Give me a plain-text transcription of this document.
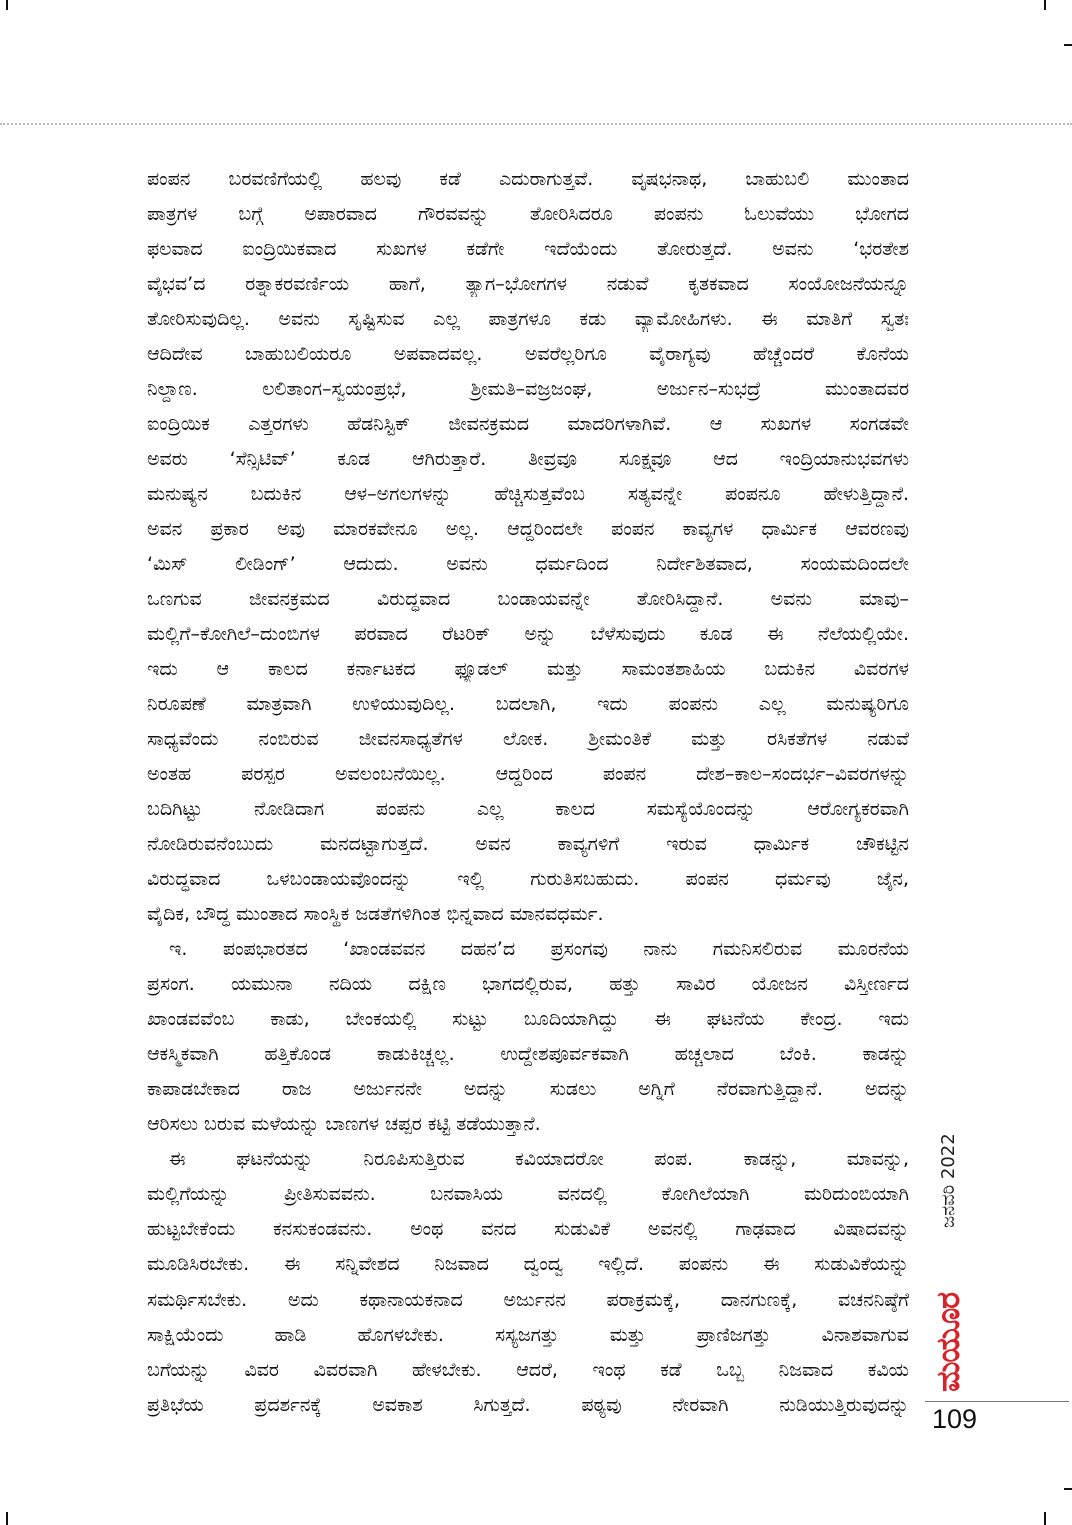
ಪಂಪನ ಬರವಣಿಗೆಯಲ್ಲಿ ಹಲವು ಕಡೆ ಎದುರಾಗುತ್ತವೆ. ವೃಷಭನಾಥ, ಬಾಹುಬಲಿ ಮುಂತಾದ
ಪಾತ್ರಗಳ ಬಗ್ಗೆ ಅಪಾರವಾದ ಗೌರವವನ್ನು ತೋರಿಸಿದರೂ ಪಂಪನು ಓಲುವೆಯು ಭೋಗದ
ಫಲವಾದ ಐಂದ್ರಿಯಿಕವಾದ ಸುಖಗಳ ಕಡೆಗೇ ಇದೆಯೆಂದು ತೋರುತ್ತದೆ. ಅವನು ‘ಭರತೇಶ
ವೈಭವ’ದ ರತ್ನಾಕರವರ್ಣಿಯ ಹಾಗೆ, ತ್ಯಾಗ–ಭೋಗಗಳ ನಡುವೆ ಕೃತಕವಾದ ಸಂಯೋಜನೆಯನ್ನೂ
ತೋರಿಸುವುದಿಲ್ಲ. ಅವನು ಸೃಷ್ಟಿಸುವ ಎಲ್ಲ ಪಾತ್ರಗಳೂ ಕಡು ವ್ಯಾಮೋಹಿಗಳು. ಈ ಮಾತಿಗೆ ಸ್ವತಃ
ಆದಿದೇವ ಬಾಹುಬಲಿಯರೂ ಅಪವಾದವಲ್ಲ. ಅವರೆಲ್ಲರಿಗೂ ವೈರಾಗ್ಯವು ಹೆಚ್ಚೆಂದರೆ ಕೊನೆಯ
ನಿಲ್ದಾಣ. ಲಲಿತಾಂಗ–ಸ್ವಯಂಪ್ರಭೆ, ಶ್ರೀಮತಿ–ವಜ್ರಜಂಘ, ಅರ್ಜುನ–ಸುಭದ್ರೆ ಮುಂತಾದವರ
ಐಂದ್ರಿಯಿಕ ಎತ್ತರಗಳು ಹೆಡನಿಸ್ಟಿಕ್ ಜೀವನಕ್ರಮದ ಮಾದರಿಗಳಾಗಿವೆ. ಆ ಸುಖಗಳ ಸಂಗಡವೇ
ಅವರು ‘ಸೆನ್ಸಿಟಿವ್’ ಕೂಡ ಆಗಿರುತ್ತಾರೆ. ತೀವ್ರವೂ ಸೂಕ್ಷ್ಮವೂ ಆದ ಇಂದ್ರಿಯಾನುಭವಗಳು
ಮನುಷ್ಯನ ಬದುಕಿನ ಆಳ–ಅಗಲಗಳನ್ನು ಹೆಚ್ಚಿಸುತ್ತವೆಂಬ ಸತ್ಯವನ್ನೇ ಪಂಪನೂ ಹೇಳುತ್ತಿದ್ದಾನೆ.
ಅವನ ಪ್ರಕಾರ ಅವು ಮಾರಕವೇನೂ ಅಲ್ಲ. ಆದ್ದರಿಂದಲೇ ಪಂಪನ ಕಾವ್ಯಗಳ ಧಾರ್ಮಿಕ ಆವರಣವು
‘ಮಿಸ್ ಲೀಡಿಂಗ್’ ಆದುದು. ಅವನು ಧರ್ಮದಿಂದ ನಿರ್ದೇಶಿತವಾದ, ಸಂಯಮದಿಂದಲೇ
ಒಣಗುವ ಜೀವನಕ್ರಮದ ವಿರುದ್ಧವಾದ ಬಂಡಾಯವನ್ನೇ ತೋರಿಸಿದ್ದಾನೆ. ಅವನು ಮಾವು–
ಮಲ್ಲಿಗೆ–ಕೋಗಿಲೆ–ದುಂಬಿಗಳ ಪರವಾದ ರೆಟರಿಕ್ ಅನ್ನು ಬೆಳೆಸುವುದು ಕೂಡ ಈ ನೆಲೆಯಲ್ಲಿಯೇ.
ಇದು ಆ ಕಾಲದ ಕರ್ನಾಟಕದ ಫ್ಯೂಡಲ್ ಮತ್ತು ಸಾಮಂತಶಾಹಿಯ ಬದುಕಿನ ವಿವರಗಳ
ನಿರೂಪಣೆ ಮಾತ್ರವಾಗಿ ಉಳಿಯುವುದಿಲ್ಲ. ಬದಲಾಗಿ, ಇದು ಪಂಪನು ಎಲ್ಲ ಮನುಷ್ಯರಿಗೂ
ಸಾಧ್ಯವೆಂದು ನಂಬಿರುವ ಜೀವನಸಾಧ್ಯತೆಗಳ ಲೋಕ. ಶ್ರೀಮಂತಿಕೆ ಮತ್ತು ರಸಿಕತೆಗಳ ನಡುವೆ
ಅಂತಹ ಪರಸ್ಪರ ಅವಲಂಬನೆಯಿಲ್ಲ. ಆದ್ದರಿಂದ ಪಂಪನ ದೇಶ–ಕಾಲ–ಸಂದರ್ಭ–ವಿವರಗಳನ್ನು
ಬದಿಗಿಟ್ಟು ನೋಡಿದಾಗ ಪಂಪನು ಎಲ್ಲ ಕಾಲದ ಸಮಸ್ಯೆಯೊಂದನ್ನು ಆರೋಗ್ಯಕರವಾಗಿ
ನೋಡಿರುವನೆಂಬುದು ಮನದಟ್ಟಾಗುತ್ತದೆ. ಅವನ ಕಾವ್ಯಗಳಿಗೆ ಇರುವ ಧಾರ್ಮಿಕ ಚೌಕಟ್ಟಿನ
ವಿರುದ್ಧವಾದ ಒಳಬಂಡಾಯವೊಂದನ್ನು ಇಲ್ಲಿ ಗುರುತಿಸಬಹುದು. ಪಂಪನ ಧರ್ಮವು ಜೈನ,
ವೈದಿಕ, ಬೌದ್ಧ ಮುಂತಾದ ಸಾಂಸ್ಥಿಕ ಜಡತೆಗಳಿಗಿಂತ ಭಿನ್ನವಾದ ಮಾನವಧರ್ಮ.
ಇ. ಪಂಪಭಾರತದ ‘ಖಾಂಡವವನ ದಹನ’ದ ಪ್ರಸಂಗವು ನಾನು ಗಮನಿಸಲಿರುವ ಮೂರನೆಯ
ಪ್ರಸಂಗ. ಯಮುನಾ ನದಿಯ ದಕ್ಷಿಣ ಭಾಗದಲ್ಲಿರುವ, ಹತ್ತು ಸಾವಿರ ಯೋಜನ ವಿಸ್ತೀರ್ಣದ
ಖಾಂಡವವೆಂಬ ಕಾಡು, ಬೇಂಕಯಲ್ಲಿ ಸುಟ್ಟು ಬೂದಿಯಾಗಿದ್ದು ಈ ಘಟನೆಯ ಕೇಂದ್ರ. ಇದು
ಆಕಸ್ಮಿಕವಾಗಿ ಹತ್ತಿಕೊಂಡ ಕಾಡುಕಿಚ್ಚಲ್ಲ. ಉದ್ದೇಶಪೂರ್ವಕವಾಗಿ ಹಚ್ಚಲಾದ ಬೆಂಕಿ. ಕಾಡನ್ನು
ಕಾಪಾಡಬೇಕಾದ ರಾಜ ಅರ್ಜುನನೇ ಅದನ್ನು ಸುಡಲು ಅಗ್ನಿಗೆ ನೆರವಾಗುತ್ತಿದ್ದಾನೆ. ಅದನ್ನು
ಆರಿಸಲು ಬರುವ ಮಳೆಯನ್ನು ಬಾಣಗಳ ಚಪ್ಪರ ಕಟ್ಟಿ ತಡೆಯುತ್ತಾನೆ.
ಈ ಘಟನೆಯನ್ನು ನಿರೂಪಿಸುತ್ತಿರುವ ಕವಿಯಾದರೋ ಪಂಪ. ಕಾಡನ್ನು, ಮಾವನ್ನು,
ಮಲ್ಲಿಗೆಯನ್ನು ಪ್ರೀತಿಸುವವನು. ಬನವಾಸಿಯ ವನದಲ್ಲಿ ಕೋಗಿಲೆಯಾಗಿ ಮರಿದುಂಬಿಯಾಗಿ
ಹುಟ್ಟಬೇಕೆಂದು ಕನಸುಕಂಡವನು. ಅಂಥ ವನದ ಸುಡುವಿಕೆ ಅವನಲ್ಲಿ ಗಾಢವಾದ ವಿಷಾದವನ್ನು
ಮೂಡಿಸಿರಬೇಕು. ಈ ಸನ್ನಿವೇಶದ ನಿಜವಾದ ದ್ವಂದ್ವ ಇಲ್ಲಿದೆ. ಪಂಪನು ಈ ಸುಡುವಿಕೆಯನ್ನು
ಸಮರ್ಥಿಸಬೇಕು. ಅದು ಕಥಾನಾಯಕನಾದ ಅರ್ಜುನನ ಪರಾಕ್ರಮಕ್ಕೆ, ದಾನಗುಣಕ್ಕೆ, ವಚನನಿಷ್ಠೆಗೆ
ಸಾಕ್ಷಿಯೆಂದು ಹಾಡಿ ಹೊಗಳಬೇಕು. ಸಸ್ಯಜಗತ್ತು ಮತ್ತು ಪ್ರಾಣಿಜಗತ್ತು ವಿನಾಶವಾಗುವ
ಬಗೆಯನ್ನು ವಿವರ ವಿವರವಾಗಿ ಹೇಳಬೇಕು. ಆದರೆ, ಇಂಥ ಕಡೆ ಒಬ್ಬ ನಿಜವಾದ ಕವಿಯ
ಪ್ರತಿಭೆಯ ಪ್ರದರ್ಶನಕ್ಕೆ ಅವಕಾಶ ಸಿಗುತ್ತದೆ. ಪಠ್ಯವು ನೇರವಾಗಿ ನುಡಿಯುತ್ತಿರುವುದನ್ನು
ಜನವರಿ 2022
ಮಯೂರ
109
